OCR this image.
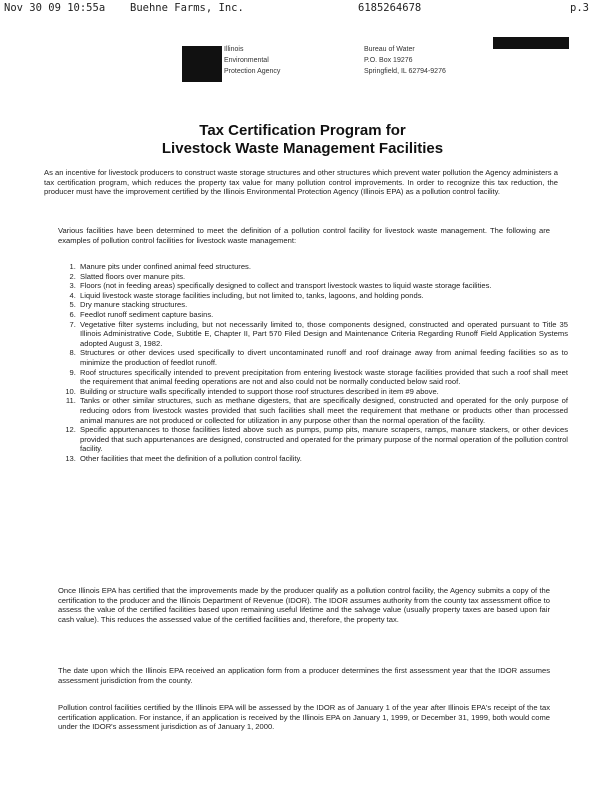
Nov 30 09 10:55a Buehne Farms, Inc.	6185264678	p.3
Illinois
Environmental
Protection Agency
Bureau of Water
P.O. Box 19276
Springfield, IL 62794-9276
Tax Certification Program for
Livestock Waste Management Facilities
As an incentive for livestock producers to construct waste storage structures and other structures which prevent water pollution the Agency administers a tax certification program, which reduces the property tax value for many pollution control improvements. In order to recognize this tax reduction, the producer must have the improvement certified by the Illinois Environmental Protection Agency (Illinois EPA) as a pollution control facility.
Various facilities have been determined to meet the definition of a pollution control facility for livestock waste management. The following are examples of pollution control facilities for livestock waste management:
1. Manure pits under confined animal feed structures.
2. Slatted floors over manure pits.
3. Floors (not in feeding areas) specifically designed to collect and transport livestock wastes to liquid waste storage facilities.
4. Liquid livestock waste storage facilities including, but not limited to, tanks, lagoons, and holding ponds.
5. Dry manure stacking structures.
6. Feedlot runoff sediment capture basins.
7. Vegetative filter systems including, but not necessarily limited to, those components designed, constructed and operated pursuant to Title 35 Illinois Administrative Code, Subtitle E, Chapter II, Part 570 Filed Design and Maintenance Criteria Regarding Runoff Field Application Systems adopted August 3, 1982.
8. Structures or other devices used specifically to divert uncontaminated runoff and roof drainage away from animal feeding facilities so as to minimize the production of feedlot runoff.
9. Roof structures specifically intended to prevent precipitation from entering livestock waste storage facilities provided that such a roof shall meet the requirement that animal feeding operations are not and also could not be normally conducted below said roof.
10. Building or structure walls specifically intended to support those roof structures described in item #9 above.
11. Tanks or other similar structures, such as methane digesters, that are specifically designed, constructed and operated for the only purpose of reducing odors from livestock wastes provided that such facilities shall meet the requirement that methane or products other than processed animal manures are not produced or collected for utilization in any purpose other than the normal operation of the facility.
12. Specific appurtenances to those facilities listed above such as pumps, pump pits, manure scrapers, ramps, manure stackers, or other devices provided that such appurtenances are designed, constructed and operated for the primary purpose of the normal operation of the pollution control facility.
13. Other facilities that meet the definition of a pollution control facility.
Once Illinois EPA has certified that the improvements made by the producer qualify as a pollution control facility, the Agency submits a copy of the certification to the producer and the Illinois Department of Revenue (IDOR). The IDOR assumes authority from the county tax assessment office to assess the value of the certified facilities based upon remaining useful lifetime and the salvage value (usually property taxes are based upon fair cash value). This reduces the assessed value of the certified facilities and, therefore, the property tax.
The date upon which the Illinois EPA received an application form from a producer determines the first assessment year that the IDOR assumes assessment jurisdiction from the county.
Pollution control facilities certified by the Illinois EPA will be assessed by the IDOR as of January 1 of the year after Illinois EPA's receipt of the tax certification application. For instance, if an application is received by the Illinois EPA on January 1, 1999, or December 31, 1999, both would come under the IDOR's assessment jurisdiction as of January 1, 2000.
